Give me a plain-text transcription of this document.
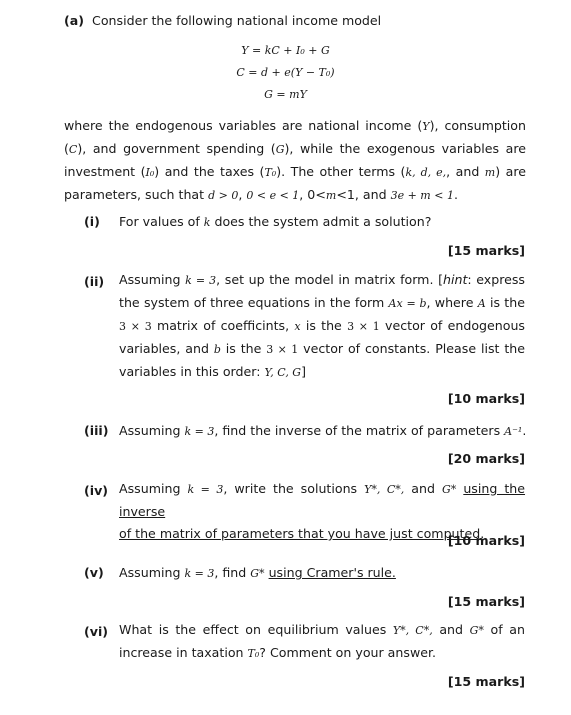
(a) Consider the following national income model
Y = kC + I₀ + G
C = d + e(Y − T₀)
G = mY
where the endogenous variables are national income (Y), consumption (C), and government spending (G), while the exogenous variables are investment (I₀) and the taxes (T₀). The other terms (k, d, e,, and m) are parameters, such that d > 0, 0 < e < 1, 0<m<1, and 3e + m < 1.
(i) For values of k does the system admit a solution?
[15 marks]
(ii) Assuming k = 3, set up the model in matrix form. [hint: express the system of three equations in the form Ax = b, where A is the 3 × 3 matrix of coefficints, x is the 3 × 1 vector of endogenous variables, and b is the 3 × 1 vector of constants. Please list the variables in this order: Y, C, G]
[10 marks]
(iii) Assuming k = 3, find the inverse of the matrix of parameters A⁻¹.
[20 marks]
(iv) Assuming k = 3, write the solutions Y*, C*, and G* using the inverse
of the matrix of parameters that you have just computed.
[10 marks]
(v) Assuming k = 3, find G* using Cramer's rule.
[15 marks]
(vi) What is the effect on equilibrium values Y*, C*, and G* of an increase in taxation T₀? Comment on your answer.
[15 marks]
